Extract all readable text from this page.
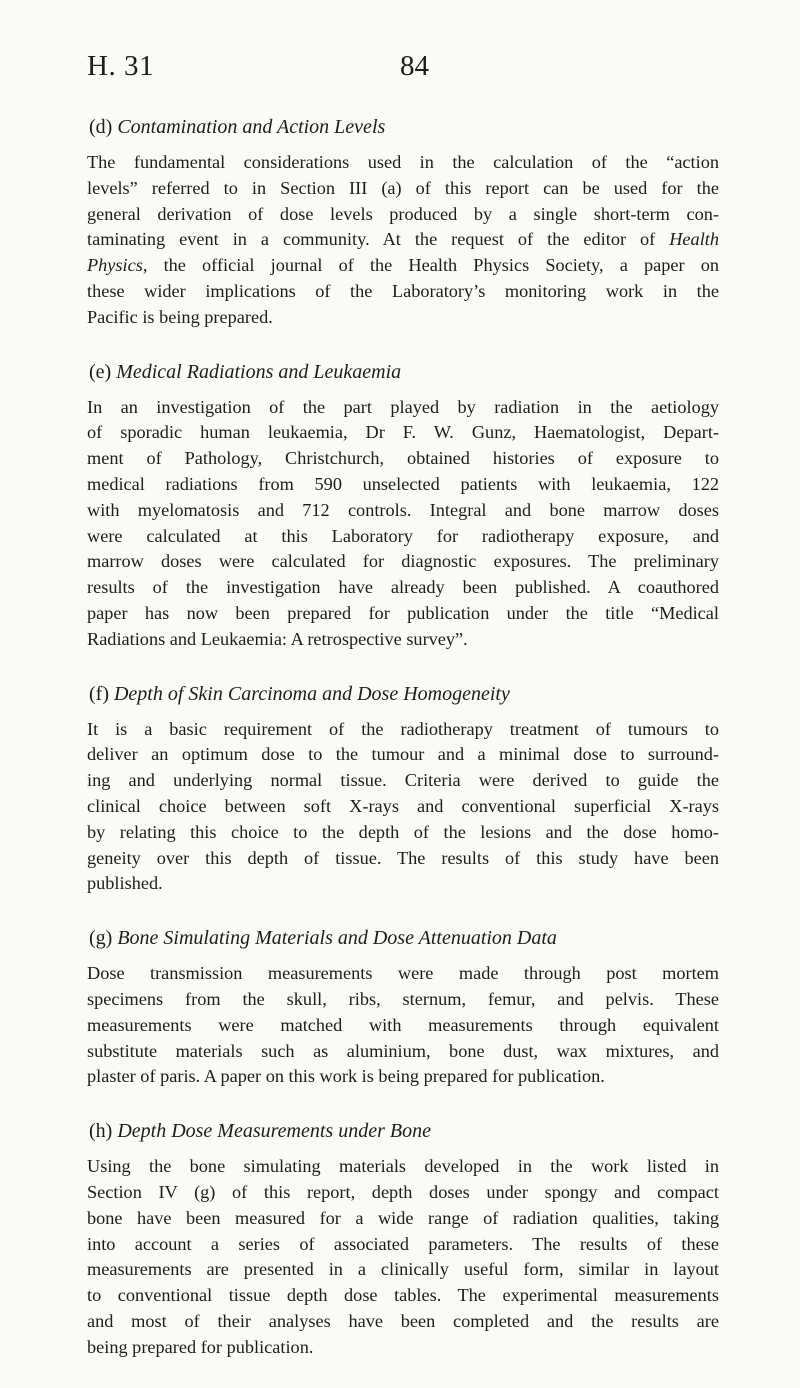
H. 31	84
(d) Contamination and Action Levels

The fundamental considerations used in the calculation of the “action
levels” referred to in Section III (a) of this report can be used for the
general derivation of dose levels produced by a single short-term con-
taminating event in a community. At the request of the editor of Health
Physics, the official journal of the Health Physics Society, a paper on
these wider implications of the Laboratory’s monitoring work in the
Pacific is being prepared.

(e) Medical Radiations and Leukaemia

In an investigation of the part played by radiation in the aetiology
of sporadic human leukaemia, Dr F. W. Gunz, Haematologist, Depart-
ment of Pathology, Christchurch, obtained histories of exposure to
medical radiations from 590 unselected patients with leukaemia, 122
with myelomatosis and 712 controls. Integral and bone marrow doses
were calculated at this Laboratory for radiotherapy exposure, and
marrow doses were calculated for diagnostic exposures. The preliminary
results of the investigation have already been published. A coauthored
paper has now been prepared for publication under the title “Medical
Radiations and Leukaemia: A retrospective survey”.

(f) Depth of Skin Carcinoma and Dose Homogeneity

It is a basic requirement of the radiotherapy treatment of tumours to
deliver an optimum dose to the tumour and a minimal dose to surround-
ing and underlying normal tissue. Criteria were derived to guide the
clinical choice between soft X-rays and conventional superficial X-rays
by relating this choice to the depth of the lesions and the dose homo-
geneity over this depth of tissue. The results of this study have been
published.

(g) Bone Simulating Materials and Dose Attenuation Data

Dose transmission measurements were made through post mortem
specimens from the skull, ribs, sternum, femur, and pelvis. These
measurements were matched with measurements through equivalent
substitute materials such as aluminium, bone dust, wax mixtures, and
plaster of paris. A paper on this work is being prepared for publication.

(h) Depth Dose Measurements under Bone

Using the bone simulating materials developed in the work listed in
Section IV (g) of this report, depth doses under spongy and compact
bone have been measured for a wide range of radiation qualities, taking
into account a series of associated parameters. The results of these
measurements are presented in a clinically useful form, similar in layout
to conventional tissue depth dose tables. The experimental measurements
and most of their analyses have been completed and the results are
being prepared for publication.
